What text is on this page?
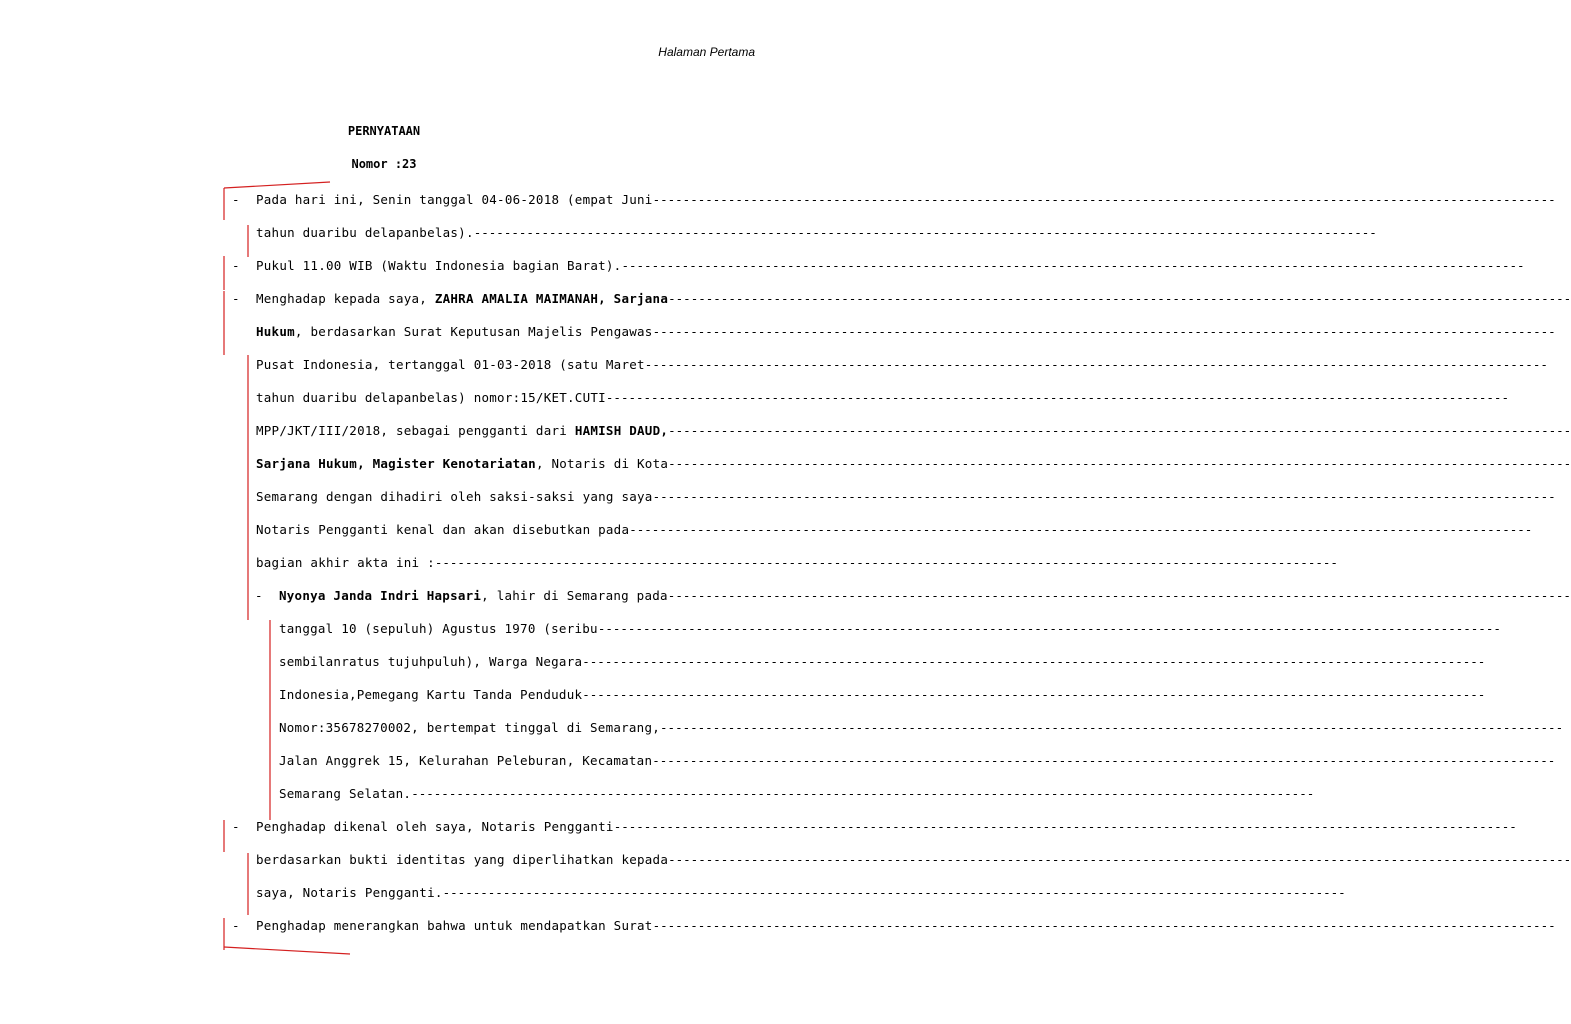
Halaman Pertama
PERNYATAAN
Nomor :23
- Pada hari ini, Senin tanggal 04-06-2018 (empat Juni ------------------------------------------------------------------------------------------------------------------------
tahun duaribu delapanbelas). ------------------------------------------------------------------------------------------------------------------------
- Pukul 11.00 WIB (Waktu Indonesia bagian Barat). ------------------------------------------------------------------------------------------------------------------------
- Menghadap kepada saya, ZAHRA AMALIA MAIMANAH, Sarjana ------------------------------------------------------------------------------------------------------------------------
Hukum, berdasarkan Surat Keputusan Majelis Pengawas ------------------------------------------------------------------------------------------------------------------------
Pusat Indonesia, tertanggal 01-03-2018 (satu Maret ------------------------------------------------------------------------------------------------------------------------
tahun duaribu delapanbelas) nomor:15/KET.CUTI ------------------------------------------------------------------------------------------------------------------------
MPP/JKT/III/2018, sebagai pengganti dari HAMISH DAUD, ------------------------------------------------------------------------------------------------------------------------
Sarjana Hukum, Magister Kenotariatan, Notaris di Kota ------------------------------------------------------------------------------------------------------------------------
Semarang dengan dihadiri oleh saksi-saksi yang saya ------------------------------------------------------------------------------------------------------------------------
Notaris Pengganti kenal dan akan disebutkan pada ------------------------------------------------------------------------------------------------------------------------
bagian akhir akta ini : ------------------------------------------------------------------------------------------------------------------------
- Nyonya Janda Indri Hapsari, lahir di Semarang pada ------------------------------------------------------------------------------------------------------------------------
tanggal 10 (sepuluh) Agustus 1970 (seribu ------------------------------------------------------------------------------------------------------------------------
sembilanratus tujuhpuluh), Warga Negara ------------------------------------------------------------------------------------------------------------------------
Indonesia,Pemegang Kartu Tanda Penduduk ------------------------------------------------------------------------------------------------------------------------
Nomor:35678270002, bertempat tinggal di Semarang, ------------------------------------------------------------------------------------------------------------------------
Jalan Anggrek 15, Kelurahan Peleburan, Kecamatan ------------------------------------------------------------------------------------------------------------------------
Semarang Selatan. ------------------------------------------------------------------------------------------------------------------------
- Penghadap dikenal oleh saya, Notaris Pengganti ------------------------------------------------------------------------------------------------------------------------
berdasarkan bukti identitas yang diperlihatkan kepada ------------------------------------------------------------------------------------------------------------------------
saya, Notaris Pengganti. ------------------------------------------------------------------------------------------------------------------------
- Penghadap menerangkan bahwa untuk mendapatkan Surat ------------------------------------------------------------------------------------------------------------------------
